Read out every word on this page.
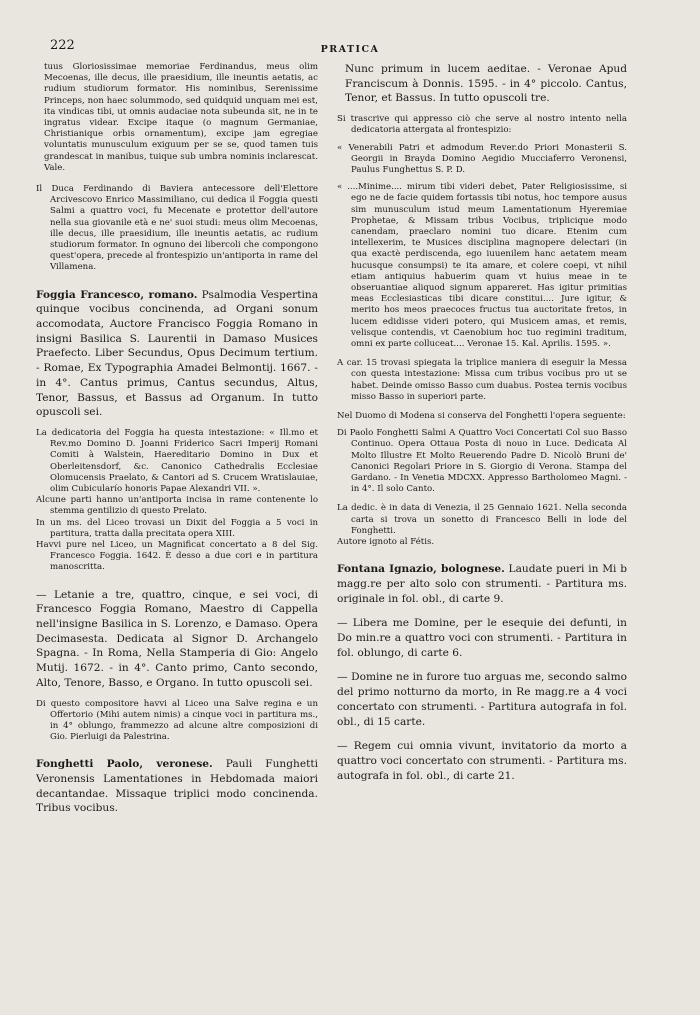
222	PRATICA

tuus Gloriosissimae memoriae Ferdinandus, meus olim Mecoenas, ille decus, ille praesidium, ille ineuntis aetatis, ac rudium studiorum formator. His nominibus, Serenissime Princeps, non haec solummodo, sed quidquid unquam mei est, ita vindicas tibi, ut omnis audaciae nota subeunda sit, ne in te ingratus videar. Excipe itaque (o magnum Germaniae, Christianique orbis ornamentum), excipe jam egregiae voluntatis munusculum exiguum per se se, quod tamen tuis grandescat in manibus, tuique sub umbra nominis inclarescat. Vale.

Il Duca Ferdinando di Baviera antecessore dell'Elettore Arcivescovo Enrico Massimiliano, cui dedica il Foggia questi Salmi a quattro voci, fu Mecenate e protettor dell'autore nella sua giovanile età e ne' suoi studi: meus olim Mecoenas, ille decus, ille praesidium, ille ineuntis aetatis, ac rudium studiorum formator. In ognuno dei libercoli che compongono quest'opera, precede al frontespizio un'antiporta in rame del Villamena.

Foggia Francesco, romano. Psalmodia Vespertina quinque vocibus concinenda, ad Organi sonum accomodata, Auctore Francisco Foggia Romano in insigni Basilica S. Laurentii in Damaso Musices Praefecto. Liber Secundus, Opus Decimum tertium. - Romae, Ex Typographia Amadei Belmontij. 1667. - in 4°. Cantus primus, Cantus secundus, Altus, Tenor, Bassus, et Bassus ad Organum. In tutto opuscoli sei.

La dedicatoria del Foggia ha questa intestazione: « Ill.mo et Rev.mo Domino D. Joanni Friderico Sacri Imperij Romani Comiti à Walstein, Haereditario Domino in Dux et Oberleitensdorf, &c. Canonico Cathedralis Ecclesiae Olomucensis Praelato, & Cantori ad S. Crucem Wratislauiae, olim Cubicularío honoris Papae Alexandri VII. ».

Alcune parti hanno un'antiporta incisa in rame contenente lo stemma gentilizio di questo Prelato.

In un ms. del Liceo trovasi un Dixit del Foggia a 5 voci in partitura, tratta dalla precitata opera XIII.

Havvi pure nel Liceo, un Magnificat concertato a 8 del Sig. Francesco Foggia. 1642. È desso a due cori e in partitura manoscritta.

— Letanie a tre, quattro, cinque, e sei voci, di Francesco Foggia Romano, Maestro di Cappella nell'insigne Basilica in S. Lorenzo, e Damaso. Opera Decimasesta. Dedicata al Signor D. Archangelo Spagna. - In Roma, Nella Stamperia di Gio: Angelo Mutij. 1672. - in 4°. Canto primo, Canto secondo, Alto, Tenore, Basso, e Organo. In tutto opuscoli sei.

Di questo compositore havvi al Liceo una Salve regina e un Offertorio (Mihi autem nimis) a cinque voci in partitura ms., in 4° oblungo, frammezzo ad alcune altre composizioni di Gio. Pierluigi da Palestrina.

Fonghetti Paolo, veronese. Pauli Funghetti Veronensis Lamentationes in Hebdomada maiori decantandae. Missaque triplici modo concinenda. Tribus vocibus.

Nunc primum in lucem aeditae. - Veronae Apud Franciscum à Donnis. 1595. - in 4° piccolo. Cantus, Tenor, et Bassus. In tutto opuscoli tre.

Si trascrive qui appresso ciò che serve al nostro intento nella dedicatoria attergata al frontespizio:

« Venerabili Patri et admodum Rever.do Priori Monasterii S. Georgii in Brayda Domino Aegidio Mucciaferro Veronensi, Paulus Funghettus S. P. D.

« ....Minime.... mirum tibi videri debet, Pater Religiosissime, si ego ne de facie quidem fortassis tibi notus, hoc tempore ausus sim munusculum istud meum Lamentationum Hyeremiae Prophetae, & Missam tribus Vocibus, triplicique modo canendam, praeclaro nomini tuo dicare. Etenim cum intellexerim, te Musices disciplina magnopere delectari (in qua exactè perdiscenda, ego iuuenilem hanc aetatem meam hucusque consumpsi) te ita amare, et colere coepi, vt nihil etiam antiquius habuerim quam vt huius meae in te obseruantiae aliquod signum appareret. Has igitur primitias meas Ecclesiasticas tibi dicare constitui.... Jure igitur, & merito hos meos praecoces fructus tua auctoritate fretos, in lucem edidisse videri potero, qui Musicem amas, et remis, velisque contendis, vt Caenobium hoc tuo regimini traditum, omni ex parte colluceat.... Veronae 15. Kal. Aprilis. 1595. ».

A car. 15 trovasi spiegata la triplice maniera di eseguir la Messa con questa intestazione: Missa cum tribus vocibus pro ut se habet. Deinde omisso Basso cum duabus. Postea ternis vocibus misso Basso in superiori parte.

Nel Duomo di Modena si conserva del Fonghetti l'opera seguente:

Di Paolo Fonghetti Salmi A Quattro Voci Concertati Col suo Basso Continuo. Opera Ottaua Posta di nouo in Luce. Dedicata Al Molto Illustre Et Molto Reuerendo Padre D. Nicolò Bruni de' Canonici Regolari Priore in S. Giorgio di Verona. Stampa del Gardano. - In Venetia MDCXX. Appresso Bartholomeo Magni. - in 4°. Il solo Canto.

La dedic. è in data di Venezia, il 25 Gennaio 1621. Nella seconda carta si trova un sonetto di Francesco Belli in lode del Fonghetti.

Autore ignoto al Fétis.

Fontana Ignazio, bolognese. Laudate pueri in Mi b magg.re per alto solo con strumenti. - Partitura ms. originale in fol. obl., di carte 9.

— Libera me Domine, per le esequie dei defunti, in Do min.re a quattro voci con strumenti. - Partitura in fol. oblungo, di carte 6.

— Domine ne in furore tuo arguas me, secondo salmo del primo notturno da morto, in Re magg.re a 4 voci concertato con strumenti. - Partitura autografa in fol. obl., di 15 carte.

— Regem cui omnia vivunt, invitatorio da morto a quattro voci concertato con strumenti. - Partitura ms. autografa in fol. obl., di carte 21.
